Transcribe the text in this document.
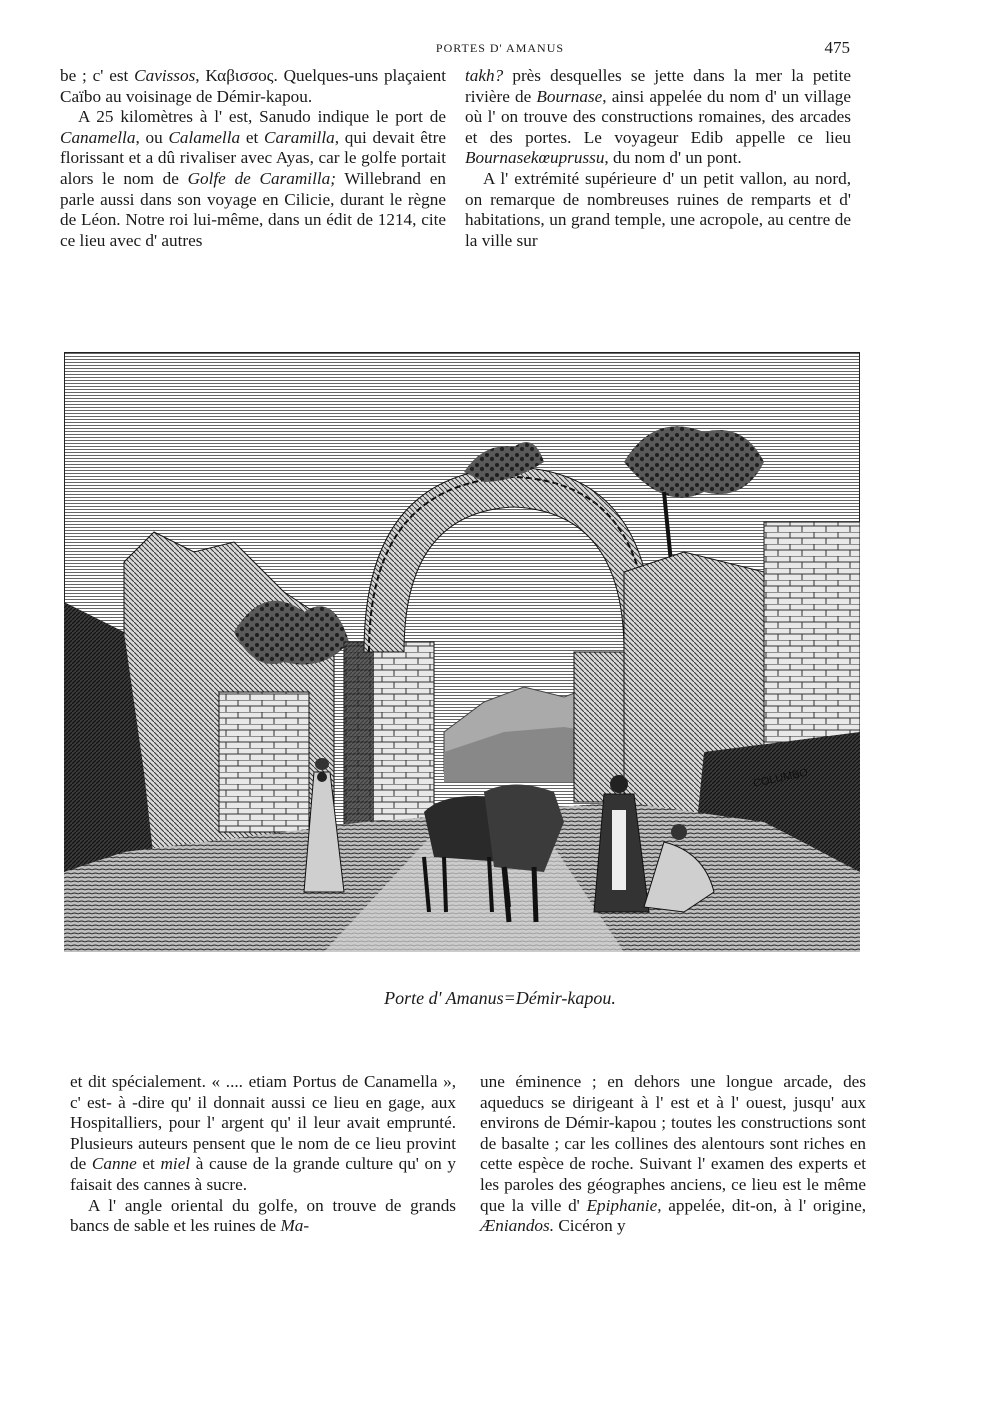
PORTES D' AMANUS	475

be ; c' est Cavissos, Καβισσος. Quelques-uns plaçaient Caïbo au voisinage de Démir-kapou.

A 25 kilomètres à l' est, Sanudo indique le port de Canamella, ou Calamella et Caramilla, qui devait être florissant et a dû rivaliser avec Ayas, car le golfe portait alors le nom de Golfe de Caramilla; Willebrand en parle aussi dans son voyage en Cilicie, durant le règne de Léon. Notre roi lui-même, dans un édit de 1214, cite ce lieu avec d' autres

takh? près desquelles se jette dans la mer la petite rivière de Bournase, ainsi appelée du nom d' un village où l' on trouve des constructions romaines, des arcades et des portes. Le voyageur Edib appelle ce lieu Bournasekœuprussu, du nom d' un pont.

A l' extrémité supérieure d' un petit vallon, au nord, on remarque de nombreuses ruines de remparts et d' habitations, un grand temple, une acropole, au centre de la ville sur

COLUMBO
Porte d' Amanus=Démir-kapou.

et dit spécialement. « .... etiam Portus de Canamella », c' est- à -dire qu' il donnait aussi ce lieu en gage, aux Hospitalliers, pour l' argent qu' il leur avait emprunté. Plusieurs auteurs pensent que le nom de ce lieu provint de Canne et miel à cause de la grande culture qu' on y faisait des cannes à sucre.

A l' angle oriental du golfe, on trouve de grands bancs de sable et les ruines de Ma-

une éminence ; en dehors une longue arcade, des aqueducs se dirigeant à l' est et à l' ouest, jusqu' aux environs de Démir-kapou ; toutes les constructions sont de basalte ; car les collines des alentours sont riches en cette espèce de roche. Suivant l' examen des experts et les paroles des géographes anciens, ce lieu est le même que la ville d' Epiphanie, appelée, dit-on, à l' origine, Æniandos. Cicéron y
